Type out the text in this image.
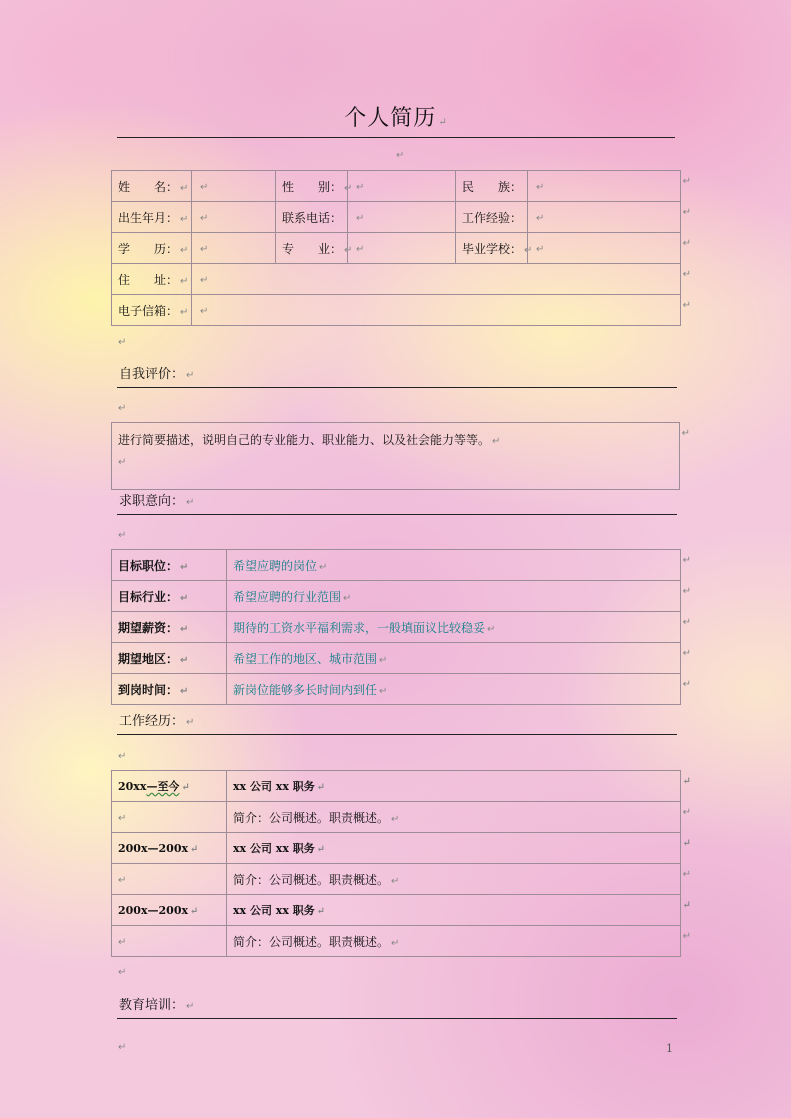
个人简历 ↵
↵
姓　　名： ↵	↵	性　　别： ↵	↵	民　　族：	↵
↵

出生年月： ↵	↵	联系电话：	↵	工作经验：	↵
↵

学　　历： ↵	↵	专　　业： ↵	↵	毕业学校： ↵	↵
↵

住　　址： ↵	↵
↵				

电子信箱： ↵	↵
↵				
↵
自我评价： ↵
↵
进行简要描述，说明自己的专业能力、职业能力、以及社会能力等等。 ↵
↵
↵
求职意向： ↵
↵
目标职位： ↵	希望应聘的岗位 ↵
↵

目标行业： ↵	希望应聘的行业范围 ↵
↵

期望薪资： ↵	期待的工资水平福利需求，一般填面议比较稳妥 ↵
↵

期望地区： ↵	希望工作的地区、城市范围 ↵
↵

到岗时间： ↵	新岗位能够多长时间内到任 ↵
↵
工作经历： ↵
↵
20xx—至今 ↵	xx 公司 xx 职务 ↵
↵

↵	简介：公司概述。职责概述。 ↵
↵

200x—200x ↵	xx 公司 xx 职务 ↵
↵

↵	简介：公司概述。职责概述。 ↵
↵

200x—200x ↵	xx 公司 xx 职务 ↵
↵

↵	简介：公司概述。职责概述。 ↵
↵
↵
教育培训： ↵
↵	1
